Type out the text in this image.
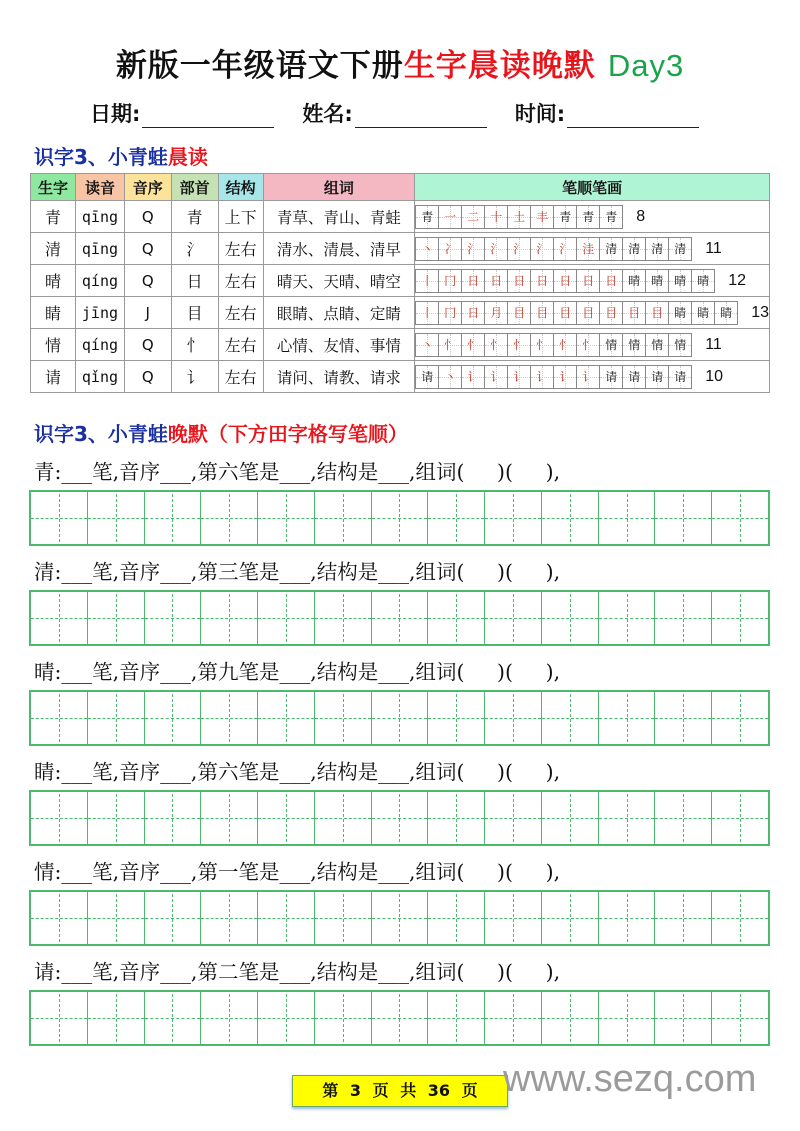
新版一年级语文下册生字晨读晚默 Day3
日期:	姓名:	时间:
识字3、小青蛙晨读
生字	读音	音序	部首	结构	组词	笔顺笔画
青	qīng	Q	青	上下	青草、青山、青蛙	青 一 二 十 土 丰 青 青 青 8

清	qīng	Q	氵	左右	清水、清晨、清早	丶 冫 氵 氵 氵 氵 氵 洼 清 清 清 清 11

晴	qíng	Q	日	左右	晴天、天晴、晴空	丨 冂 日 日 日 日 日 日 日 晴 晴 晴 晴 12

睛	jīng	J	目	左右	眼睛、点睛、定睛	丨 冂 日 月 目 目 目 目 目 目 目 睛 睛 睛 13

情	qíng	Q	忄	左右	心情、友情、事情	丶 忄 忄 忄 忄 忄 忄 忄 情 情 情 情 11

请	qǐng	Q	讠	左右	请问、请教、请求	请 丶 讠 讠 讠 讠 讠 讠 请 请 请 请 10
识字3、小青蛙晚默（下方田字格写笔顺）
青:___笔,音序___,第六笔是___,结构是___,组词(     )(     ),
清:___笔,音序___,第三笔是___,结构是___,组词(     )(     ),
晴:___笔,音序___,第九笔是___,结构是___,组词(     )(     ),
睛:___笔,音序___,第六笔是___,结构是___,组词(     )(     ),
情:___笔,音序___,第一笔是___,结构是___,组词(     )(     ),
请:___笔,音序___,第二笔是___,结构是___,组词(     )(     ),
第 3 页 共 36 页 www.sezq.com
